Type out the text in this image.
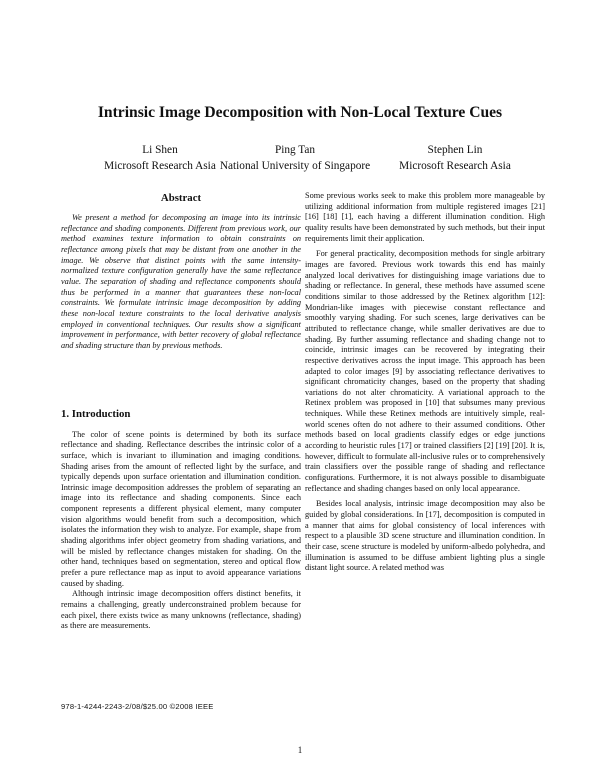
Intrinsic Image Decomposition with Non-Local Texture Cues
Li Shen
Microsoft Research Asia
Ping Tan
National University of Singapore
Stephen Lin
Microsoft Research Asia
Abstract

We present a method for decomposing an image into its intrinsic reflectance and shading components. Different from previous work, our method examines texture information to obtain constraints on reflectance among pixels that may be distant from one another in the image. We observe that distinct points with the same intensity-normalized texture configuration generally have the same reflectance value. The separation of shading and reflectance components should thus be performed in a manner that guarantees these non-local constraints. We formulate intrinsic image decomposition by adding these non-local texture constraints to the local derivative analysis employed in conventional techniques. Our results show a significant improvement in performance, with better recovery of global reflectance and shading structure than by previous methods.

1. Introduction

The color of scene points is determined by both its surface reflectance and shading. Reflectance describes the intrinsic color of a surface, which is invariant to illumination and imaging conditions. Shading arises from the amount of reflected light by the surface, and typically depends upon surface orientation and illumination condition. Intrinsic image decomposition addresses the problem of separating an image into its reflectance and shading components. Since each component represents a different physical element, many computer vision algorithms would benefit from such a decomposition, which isolates the information they wish to analyze. For example, shape from shading algorithms infer object geometry from shading variations, and will be misled by reflectance changes mistaken for shading. On the other hand, techniques based on segmentation, stereo and optical flow prefer a pure reflectance map as input to avoid appearance variations caused by shading.

Although intrinsic image decomposition offers distinct benefits, it remains a challenging, greatly underconstrained problem because for each pixel, there exists twice as many unknowns (reflectance, shading) as there are measurements.

Some previous works seek to make this problem more manageable by utilizing additional information from multiple registered images [21] [16] [18] [1], each having a different illumination condition. High quality results have been demonstrated by such methods, but their input requirements limit their application.

For general practicality, decomposition methods for single arbitrary images are favored. Previous work towards this end has mainly analyzed local derivatives for distinguishing image variations due to shading or reflectance. In general, these methods have assumed scene conditions similar to those addressed by the Retinex algorithm [12]: Mondrian-like images with piecewise constant reflectance and smoothly varying shading. For such scenes, large derivatives can be attributed to reflectance change, while smaller derivatives are due to shading. By further assuming reflectance and shading change not to coincide, intrinsic images can be recovered by integrating their respective derivatives across the input image. This approach has been adapted to color images [9] by associating reflectance derivatives to significant chromaticity changes, based on the property that shading variations do not alter chromaticity. A variational approach to the Retinex problem was proposed in [10] that subsumes many previous techniques. While these Retinex methods are intuitively simple, real-world scenes often do not adhere to their assumed conditions. Other methods based on local gradients classify edges or edge junctions according to heuristic rules [17] or trained classifiers [2] [19] [20]. It is, however, difficult to formulate all-inclusive rules or to comprehensively train classifiers over the possible range of shading and reflectance configurations. Furthermore, it is not always possible to disambiguate reflectance and shading changes based on only local appearance.

Besides local analysis, intrinsic image decomposition may also be guided by global considerations. In [17], decomposition is computed in a manner that aims for global consistency of local inferences with respect to a plausible 3D scene structure and illumination condition. In their case, scene structure is modeled by uniform-albedo polyhedra, and illumination is assumed to be diffuse ambient lighting plus a single distant light source. A related method was

978-1-4244-2243-2/08/$25.00 ©2008 IEEE
1
